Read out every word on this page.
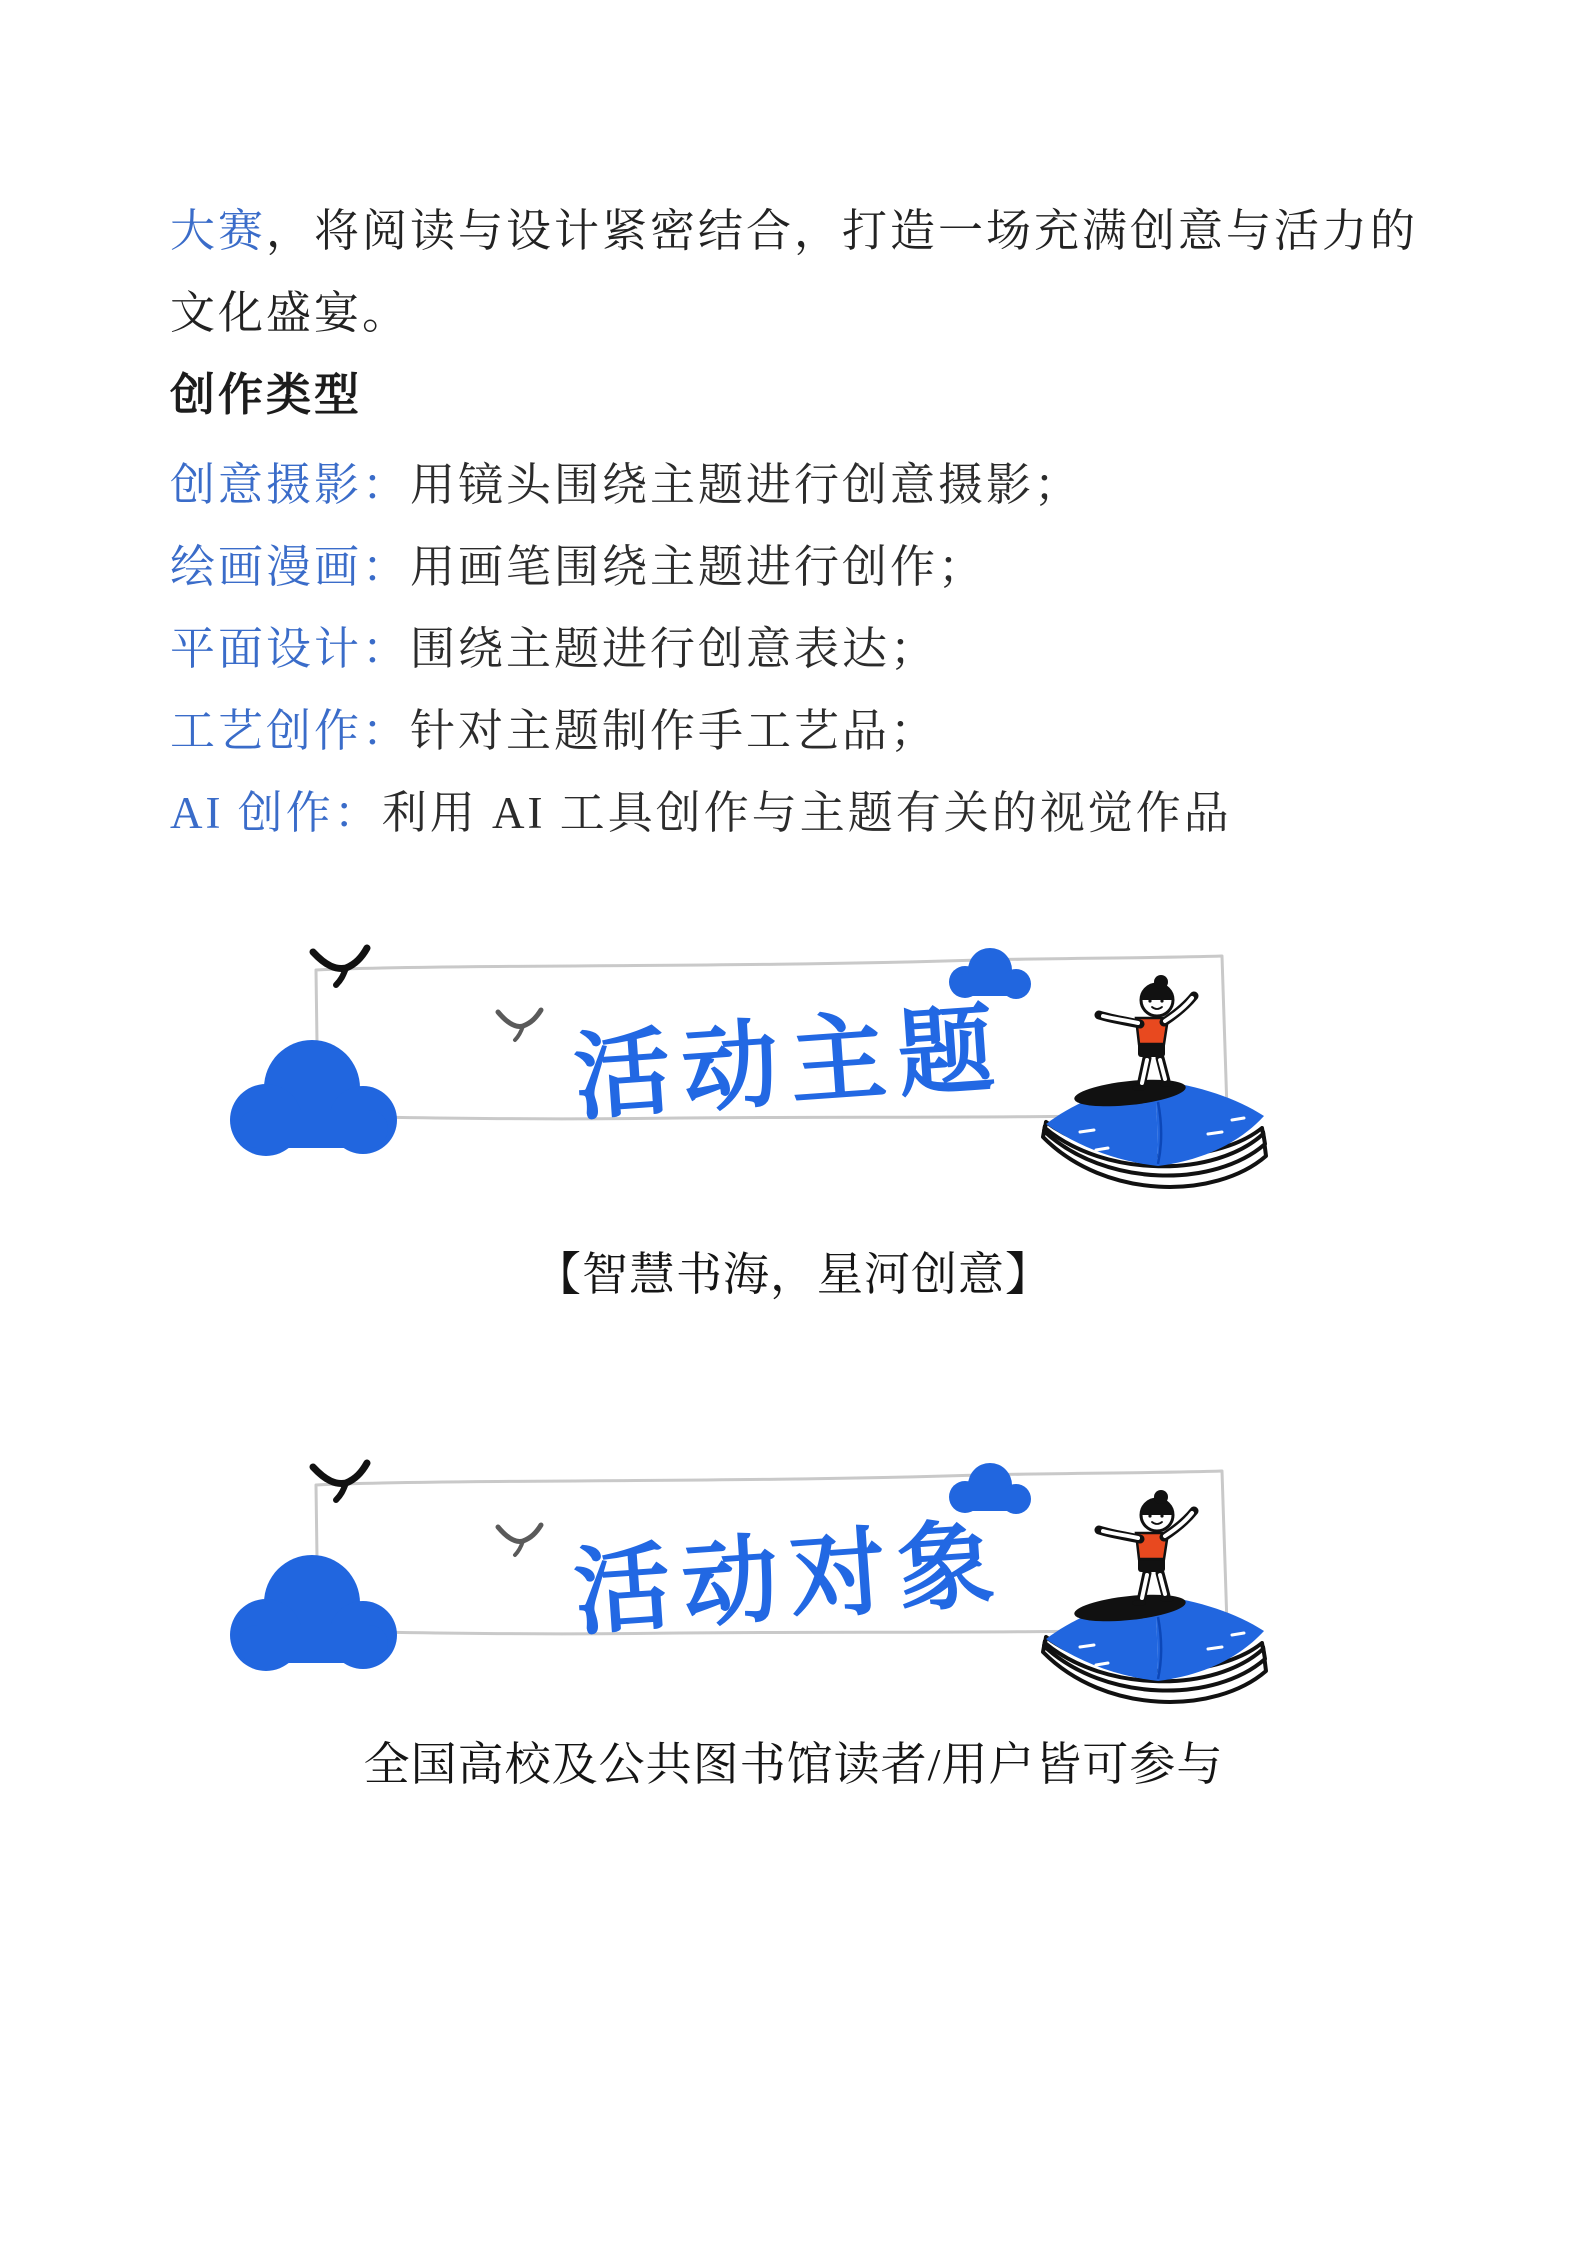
大赛，将阅读与设计紧密结合，打造一场充满创意与活力的
文化盛宴。

创作类型
创意摄影：用镜头围绕主题进行创意摄影；
绘画漫画：用画笔围绕主题进行创作；
平面设计：围绕主题进行创意表达；
工艺创作：针对主题制作手工艺品；
AI 创作：利用 AI 工具创作与主题有关的视觉作品
活动主题

【智慧书海，星河创意】

活动对象

全国高校及公共图书馆读者/用户皆可参与
